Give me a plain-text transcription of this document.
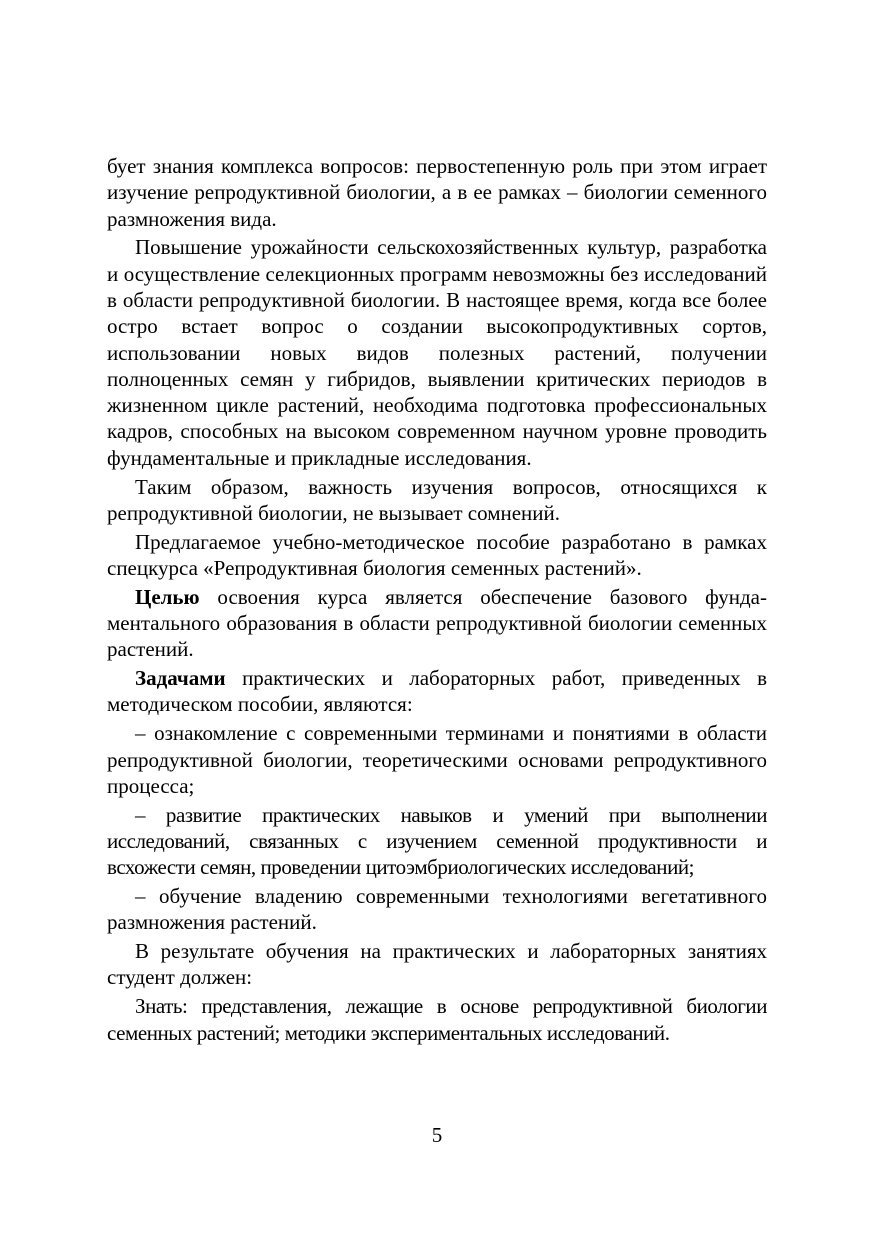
бует знания комплекса вопросов: первостепенную роль при этом играет изучение репродуктивной биологии, а в ее рамках – биологии семенного размножения вида.

Повышение урожайности сельскохозяйственных культур, разработка и осуществление селекционных программ невозможны без исследований в области репродуктивной биологии. В настоящее время, когда все более остро встает вопрос о создании высокопродуктивных сортов, использовании новых видов полезных растений, получении полноценных семян у гибридов, выявлении критических периодов в жизненном цикле растений, необходима подготовка профессиональных кадров, способных на высоком современном научном уровне проводить фундаментальные и прикладные исследования.

Таким образом, важность изучения вопросов, относящихся к репродуктивной биологии, не вызывает сомнений.

Предлагаемое учебно-методическое пособие разработано в рамках спецкурса «Репродуктивная биология семенных растений».

Целью освоения курса является обеспечение базового фундаментального образования в области репродуктивной биологии семенных растений.

Задачами практических и лабораторных работ, приведенных в методическом пособии, являются:

– ознакомление с современными терминами и понятиями в области репродуктивной биологии, теоретическими основами репродуктивного процесса;

– развитие практических навыков и умений при выполнении исследований, связанных с изучением семенной продуктивности и всхожести семян, проведении цитоэмбриологических исследований;

– обучение владению современными технологиями вегетативного размножения растений.

В результате обучения на практических и лабораторных занятиях студент должен:

Знать: представления, лежащие в основе репродуктивной биологии семенных растений; методики экспериментальных исследований.

5
